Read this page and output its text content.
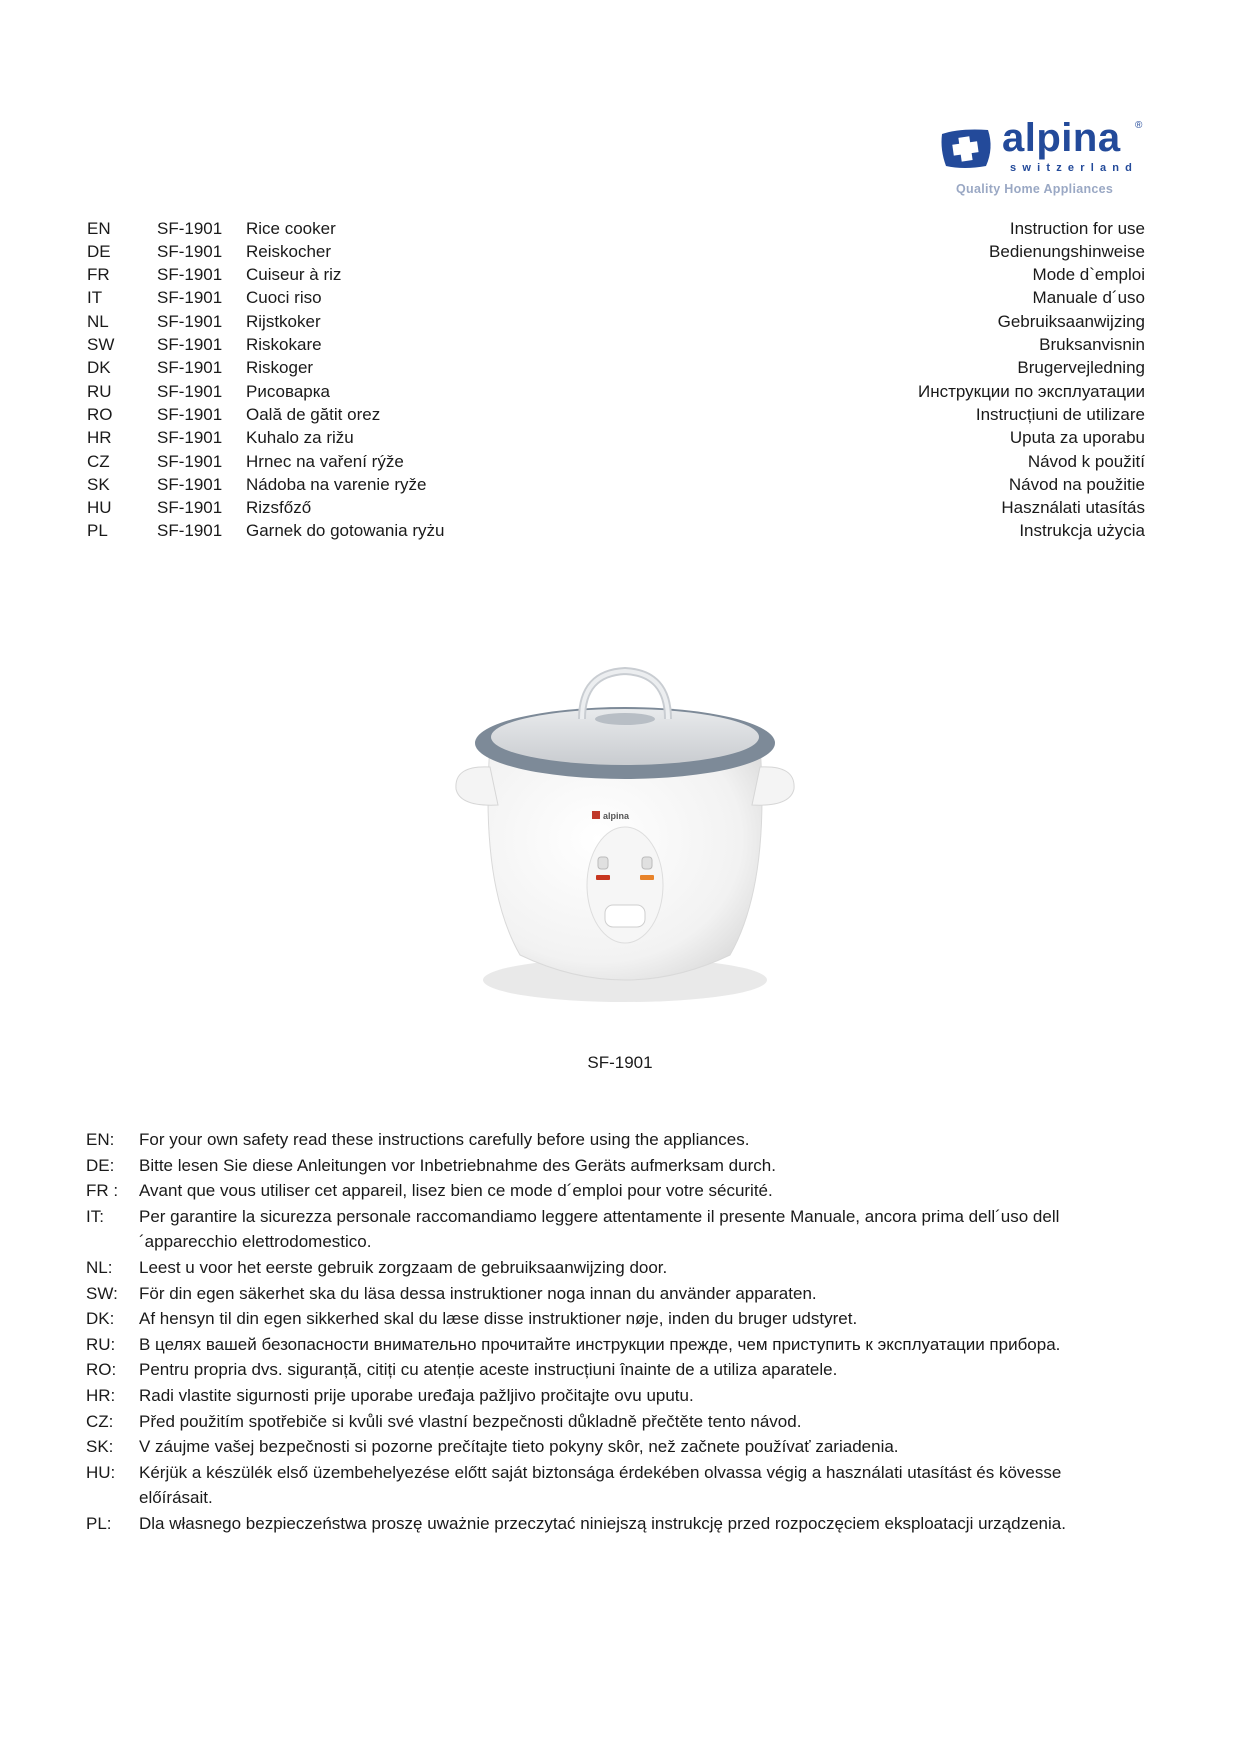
alpina ®
switzerland
Quality Home Appliances
EN	SF-1901 Rice cooker	Instruction for use
DE	SF-1901 Reiskocher	Bedienungshinweise
FR	SF-1901 Cuiseur à riz	Mode d`emploi
IT	SF-1901 Cuoci riso	Manuale d´uso
NL	SF-1901 Rijstkoker	Gebruiksaanwijzing
SW	SF-1901 Riskokare	Bruksanvisnin
DK	SF-1901 Riskoger	Brugervejledning
RU	SF-1901 Рисоварка	Инструкции по эксплуатации
RO	SF-1901 Oală de gătit orez	Instrucțiuni de utilizare
HR	SF-1901 Kuhalo za rižu	Uputa za uporabu
CZ	SF-1901 Hrnec na vaření rýže	Návod k použití
SK	SF-1901 Nádoba na varenie ryže	Návod na použitie
HU	SF-1901 Rizsfőző	Használati utasítás
PL	SF-1901 Garnek do gotowania ryżu	Instrukcja użycia
alpina
SF-1901
EN: For your own safety read these instructions carefully before using the appliances.
DE: Bitte lesen Sie diese Anleitungen vor Inbetriebnahme des Geräts aufmerksam durch.
FR : Avant que vous utiliser cet appareil, lisez bien ce mode d´emploi pour votre sécurité.
IT: Per garantire la sicurezza personale raccomandiamo leggere attentamente il presente Manuale, ancora prima dell´uso dell´apparecchio elettrodomestico.
NL: Leest u voor het eerste gebruik zorgzaam de gebruiksaanwijzing door.
SW: För din egen säkerhet ska du läsa dessa instruktioner noga innan du använder apparaten.
DK: Af hensyn til din egen sikkerhed skal du læse disse instruktioner nøje, inden du bruger udstyret.
RU: В целях вашей безопасности внимательно прочитайте инструкции прежде, чем приступить к эксплуатации прибора.
RO: Pentru propria dvs. siguranță, citiți cu atenție aceste instrucțiuni înainte de a utiliza aparatele.
HR: Radi vlastite sigurnosti prije uporabe uređaja pažljivo pročitajte ovu uputu.
CZ: Před použitím spotřebiče si kvůli své vlastní bezpečnosti důkladně přečtěte tento návod.
SK: V záujme vašej bezpečnosti si pozorne prečítajte tieto pokyny skôr, než začnete používať zariadenia.
HU: Kérjük a készülék első üzembehelyezése előtt saját biztonsága érdekében olvassa végig a használati utasítást és kövesse előírásait.
PL: Dla własnego bezpieczeństwa proszę uważnie przeczytać niniejszą instrukcję przed rozpoczęciem eksploatacji urządzenia.
